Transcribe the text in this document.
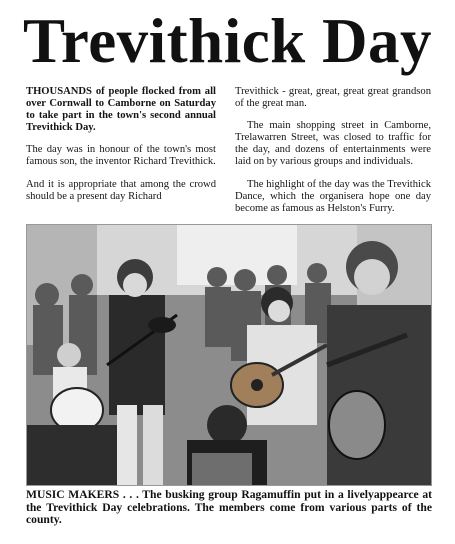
Trevithick Day

THOUSANDS of people flocked from all over Cornwall to Camborne on Saturday to take part in the town's second annual Trevithick Day.

The day was in honour of the town's most famous son, the inventor Richard Trevithick.

And it is appropriate that among the crowd should be a present day Richard

Trevithick - great, great, great great grandson of the great man.

The main shopping street in Camborne, Trelawarren Street, was closed to traffic for the day, and dozens of entertainments were laid on by various groups and individuals.

The highlight of the day was the Trevithick Dance, which the organisera hope one day become as famous as Helston's Furry.

MUSIC MAKERS . . . The busking group Ragamuffin put in a livelyappearce at the Trevithick Day celebrations. The members come from various parts of the county.
